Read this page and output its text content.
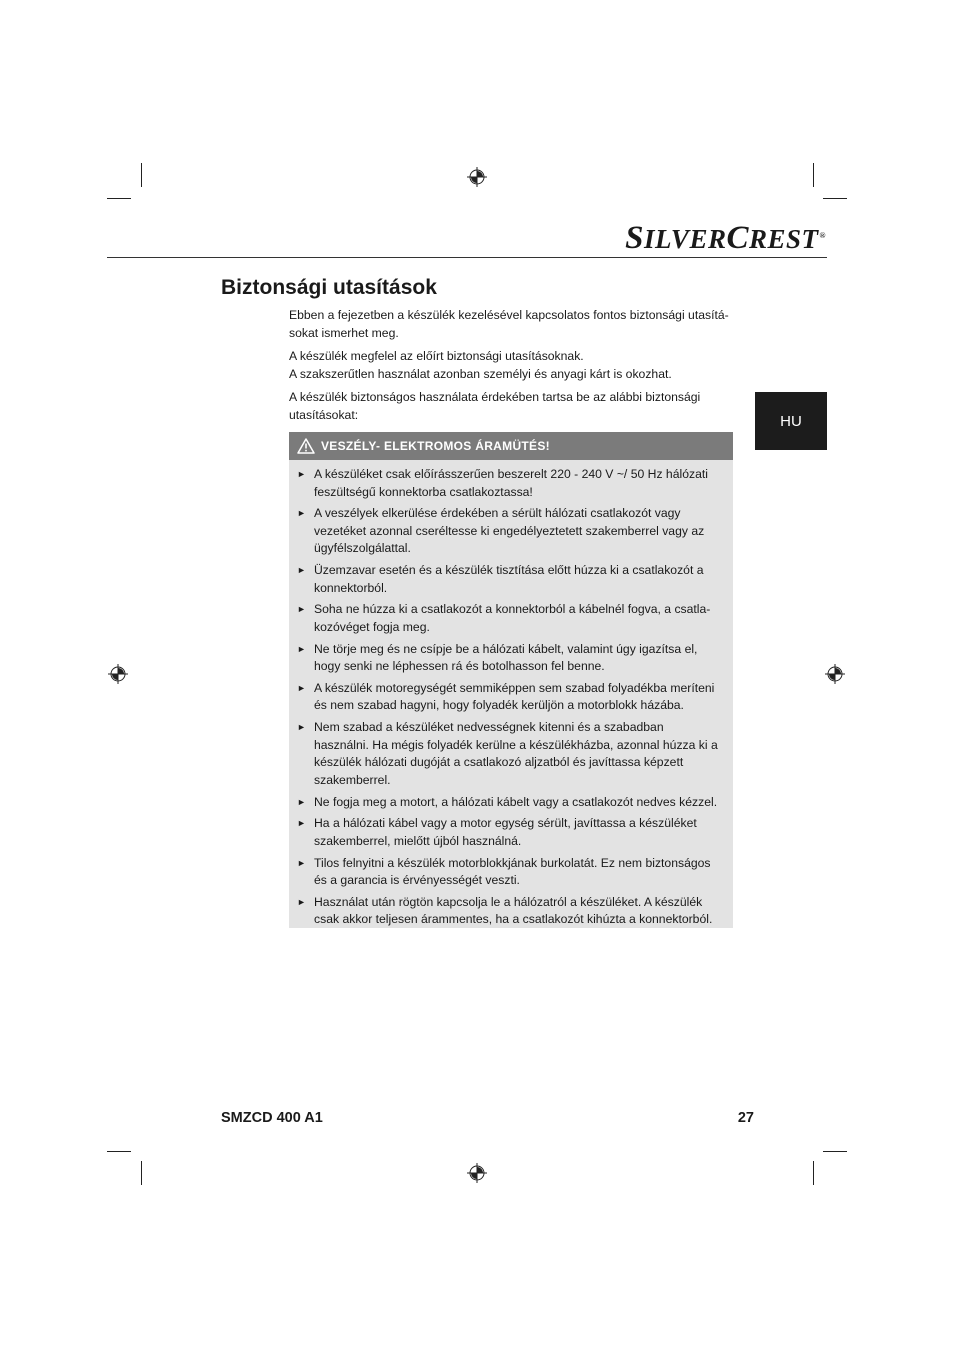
SILVERCREST®
Biztonsági utasítások

Ebben a fejezetben a készülék kezelésével kapcsolatos fontos biztonsági utasítá-sokat ismerhet meg.

A készülék megfelel az előírt biztonsági utasításoknak.
A szakszerűtlen használat azonban személyi és anyagi kárt is okozhat.

A készülék biztonságos használata érdekében tartsa be az alábbi biztonsági utasításokat:	HU
VESZÉLY- ELEKTROMOS ÁRAMÜTÉS!
► A készüléket csak előírásszerűen beszerelt 220 - 240 V ~/ 50 Hz hálózati feszültségű konnektorba csatlakoztassa!
► A veszélyek elkerülése érdekében a sérült hálózati csatlakozót vagy vezetéket azonnal cseréltesse ki engedélyeztetett szakemberrel vagy az ügyfélszolgálattal.
► Üzemzavar esetén és a készülék tisztítása előtt húzza ki a csatlakozót a konnektorból.
► Soha ne húzza ki a csatlakozót a konnektorból a kábelnél fogva, a csatla-kozóvéget fogja meg.
► Ne törje meg és ne csípje be a hálózati kábelt, valamint úgy igazítsa el, hogy senki ne léphessen rá és botolhasson fel benne.
► A készülék motoregységét semmiképpen sem szabad folyadékba meríteni és nem szabad hagyni, hogy folyadék kerüljön a motorblokk házába.
► Nem szabad a készüléket nedvességnek kitenni és a szabadban használni. Ha mégis folyadék kerülne a készülékházba, azonnal húzza ki a készülék hálózati dugóját a csatlakozó aljzatból és javíttassa képzett szakemberrel.
► Ne fogja meg a motort, a hálózati kábelt vagy a csatlakozót nedves kézzel.
► Ha a hálózati kábel vagy a motor egység sérült, javíttassa a készüléket szakemberrel, mielőtt újból használná.
► Tilos felnyitni a készülék motorblokkjának burkolatát. Ez nem biztonságos és a garancia is érvényességét veszti.
► Használat után rögtön kapcsolja le a hálózatról a készüléket. A készülék csak akkor teljesen árammentes, ha a csatlakozót kihúzta a konnektorból.
SMZCD 400 A1	27
